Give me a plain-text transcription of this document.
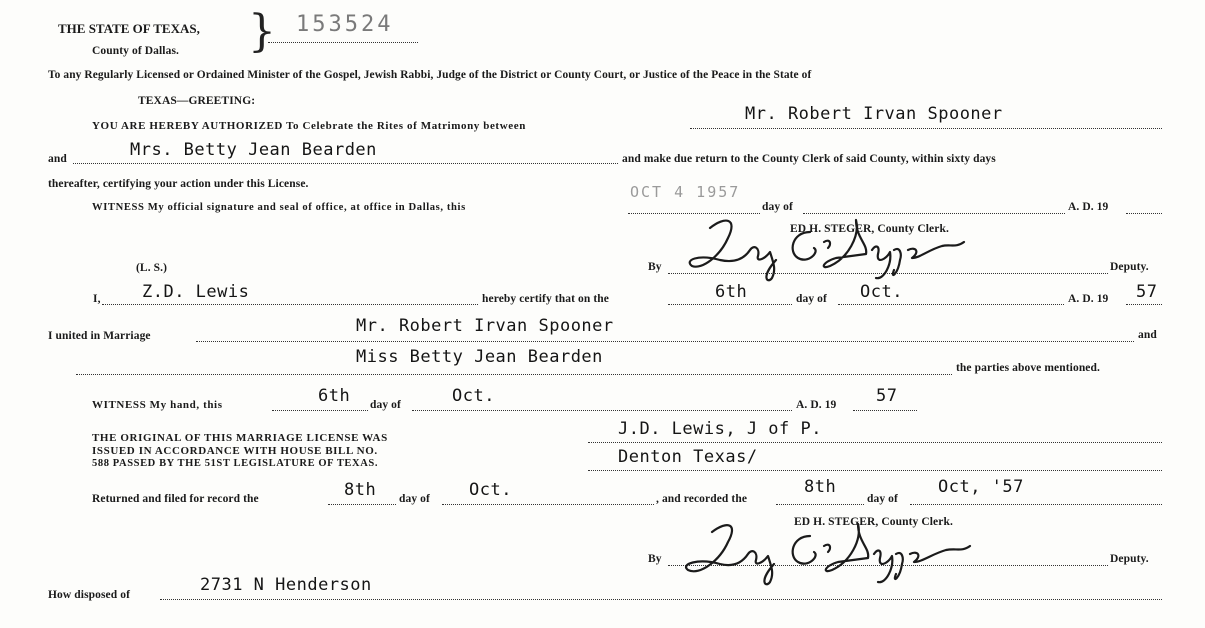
THE STATE OF TEXAS,
County of Dallas. } 153524
To any Regularly Licensed or Ordained Minister of the Gospel, Jewish Rabbi, Judge of the District or County Court, or Justice of the Peace in the State of
TEXAS—GREETING:
YOU ARE HEREBY AUTHORIZED To Celebrate the Rites of Matrimony between
Mr. Robert Irvan Spooner
and	Mrs. Betty Jean Bearden	and make due return to the County Clerk of said County, within sixty days
thereafter, certifying your action under this License.
WITNESS My official signature and seal of office, at office in Dallas, this
OCT 4 1957
day of	A. D. 19
ED H. STEGER, County Clerk.
(L. S.)	By	Deputy.
I, Z.D. Lewis	hereby certify that on the	6th	day of Oct.	A. D. 19 57
I united in Marriage	Mr. Robert Irvan Spooner	and
Miss Betty Jean Bearden
the parties above mentioned.
WITNESS My hand, this	6th day of	Oct.	A. D. 19 57
THE ORIGINAL OF THIS MARRIAGE LICENSE WAS
ISSUED IN ACCORDANCE WITH HOUSE BILL NO.
588 PASSED BY THE 51ST LEGISLATURE OF TEXAS.
J.D. Lewis, J of P.
Denton Texas/
Returned and filed for record the	8th day of Oct.	, and recorded the
8th
day of
Oct, '57
ED H. STEGER, County Clerk.
By	Deputy.
How disposed of	2731 N Henderson
